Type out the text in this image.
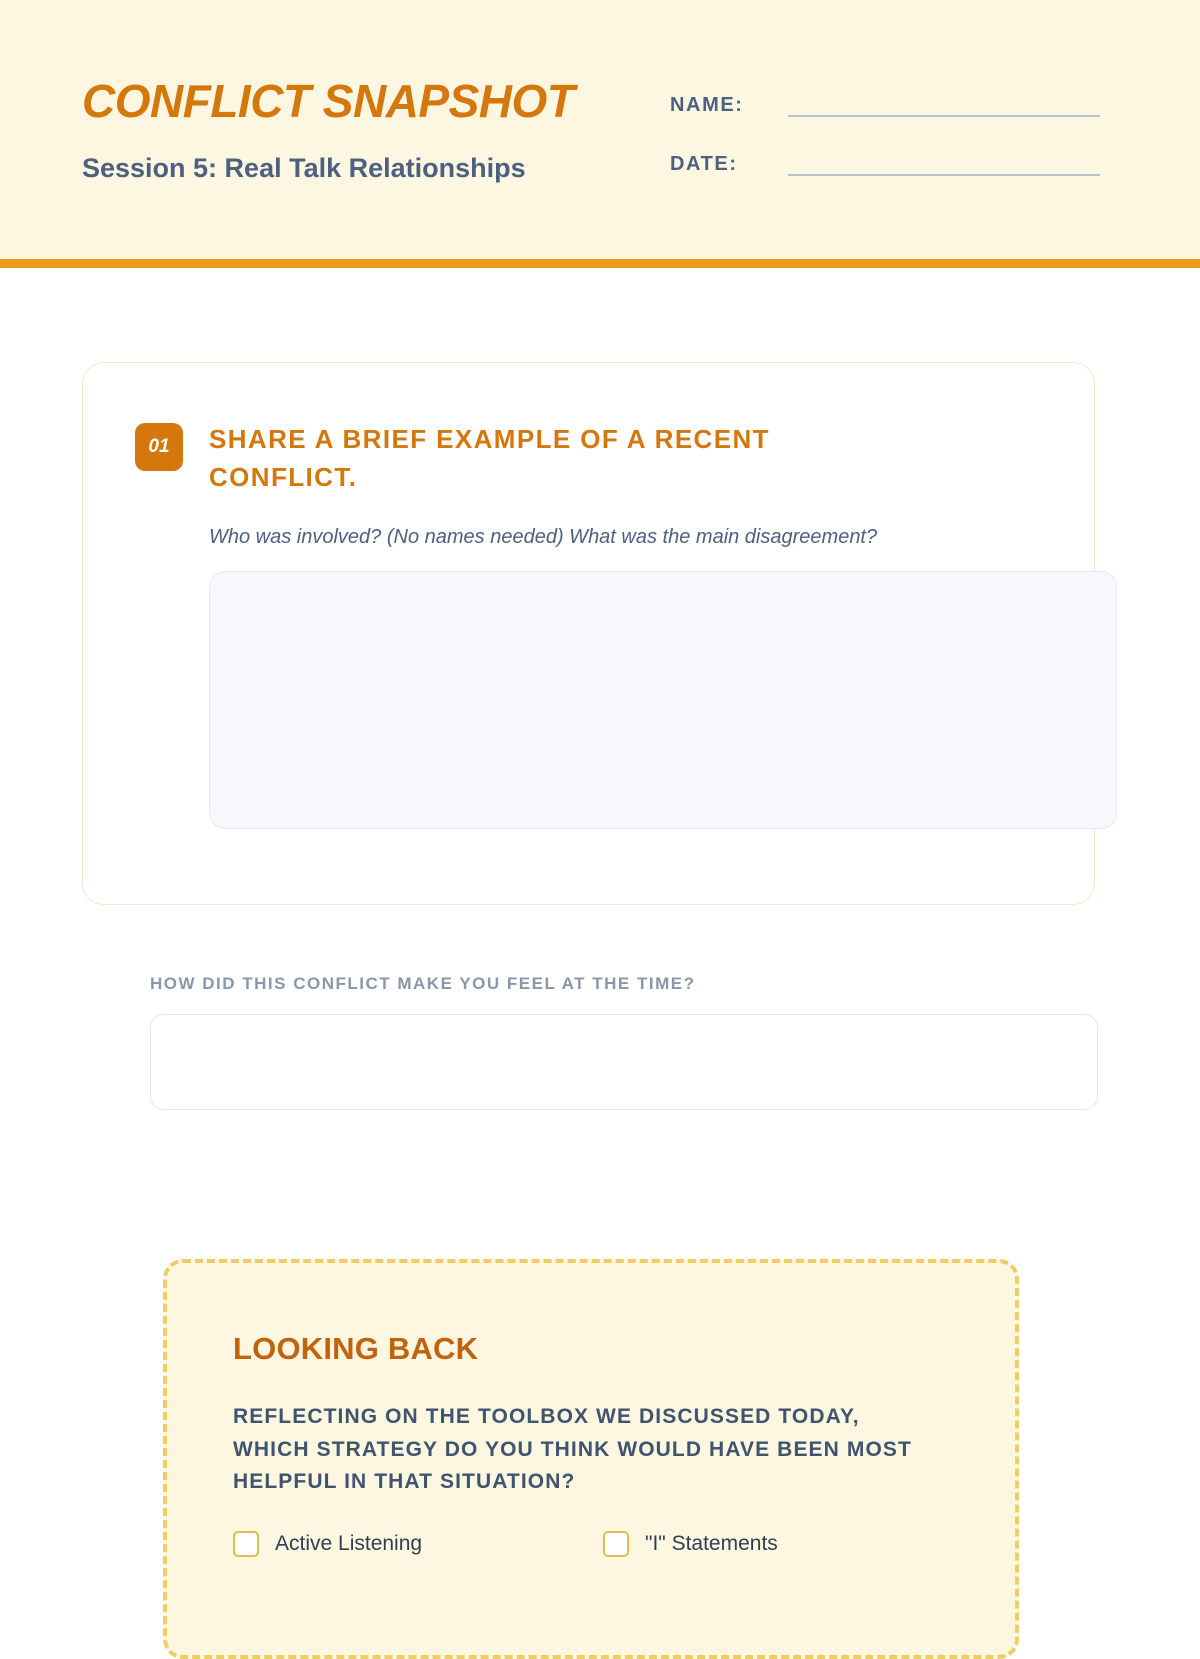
CONFLICT SNAPSHOT
Session 5: Real Talk Relationships
NAME:
DATE:
01	SHARE A BRIEF EXAMPLE OF A RECENT CONFLICT.
Who was involved? (No names needed) What was the main disagreement?
HOW DID THIS CONFLICT MAKE YOU FEEL AT THE TIME?
LOOKING BACK
REFLECTING ON THE TOOLBOX WE DISCUSSED TODAY, WHICH STRATEGY DO YOU THINK WOULD HAVE BEEN MOST HELPFUL IN THAT SITUATION?
Active Listening	"I" Statements
